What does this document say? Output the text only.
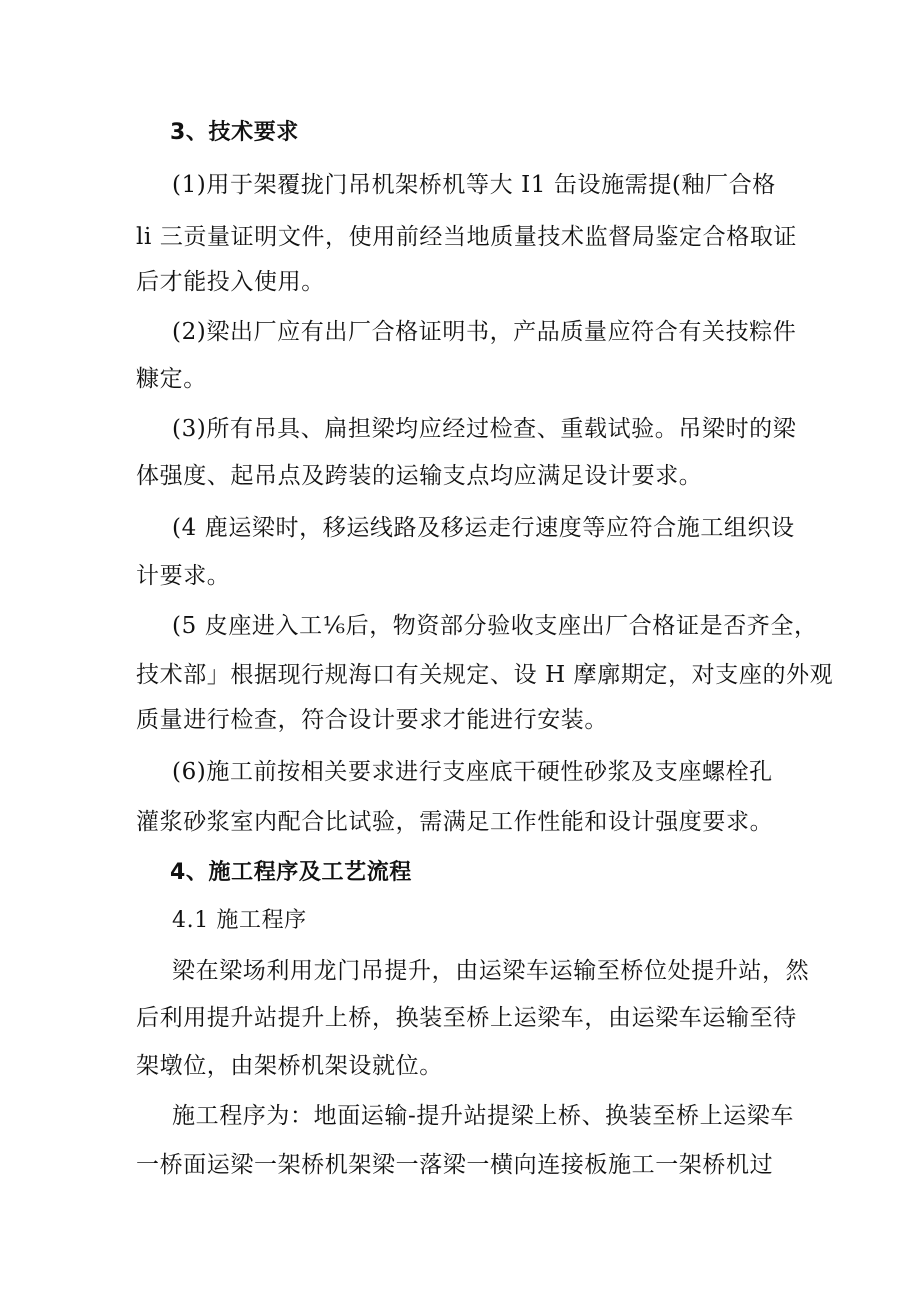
3、技术要求
(1)用于架覆拢门吊机架桥机等大 I1 缶设施需提(釉厂合格
li 三贡量证明文件，使用前经当地质量技术监督局鉴定合格取证
后才能投入使用。
(2)梁出厂应有出厂合格证明书，产品质量应符合有关技粽件
糠定。
(3)所有吊具、扁担梁均应经过检查、重载试验。吊梁时的梁
体强度、起吊点及跨装的运输支点均应满足设计要求。
(4 鹿运梁时，移运线路及移运走行速度等应符合施工组织设
计要求。
(5 皮座进入工⅙后，物资部分验收支座出厂合格证是否齐全，
技术部」根据现行规海口有关规定、设 H 摩廓期定，对支座的外观
质量进行检查，符合设计要求才能进行安装。
(6)施工前按相关要求进行支座底干硬性砂浆及支座螺栓孔
灌浆砂浆室内配合比试验，需满足工作性能和设计强度要求。
4、施工程序及工艺流程
4.1 施工程序
梁在梁场利用龙门吊提升，由运梁车运输至桥位处提升站，然
后利用提升站提升上桥，换装至桥上运梁车，由运梁车运输至待
架墩位，由架桥机架设就位。
施工程序为：地面运输-提升站提梁上桥、换装至桥上运梁车
一桥面运梁一架桥机架梁一落梁一横向连接板施工一架桥机过
